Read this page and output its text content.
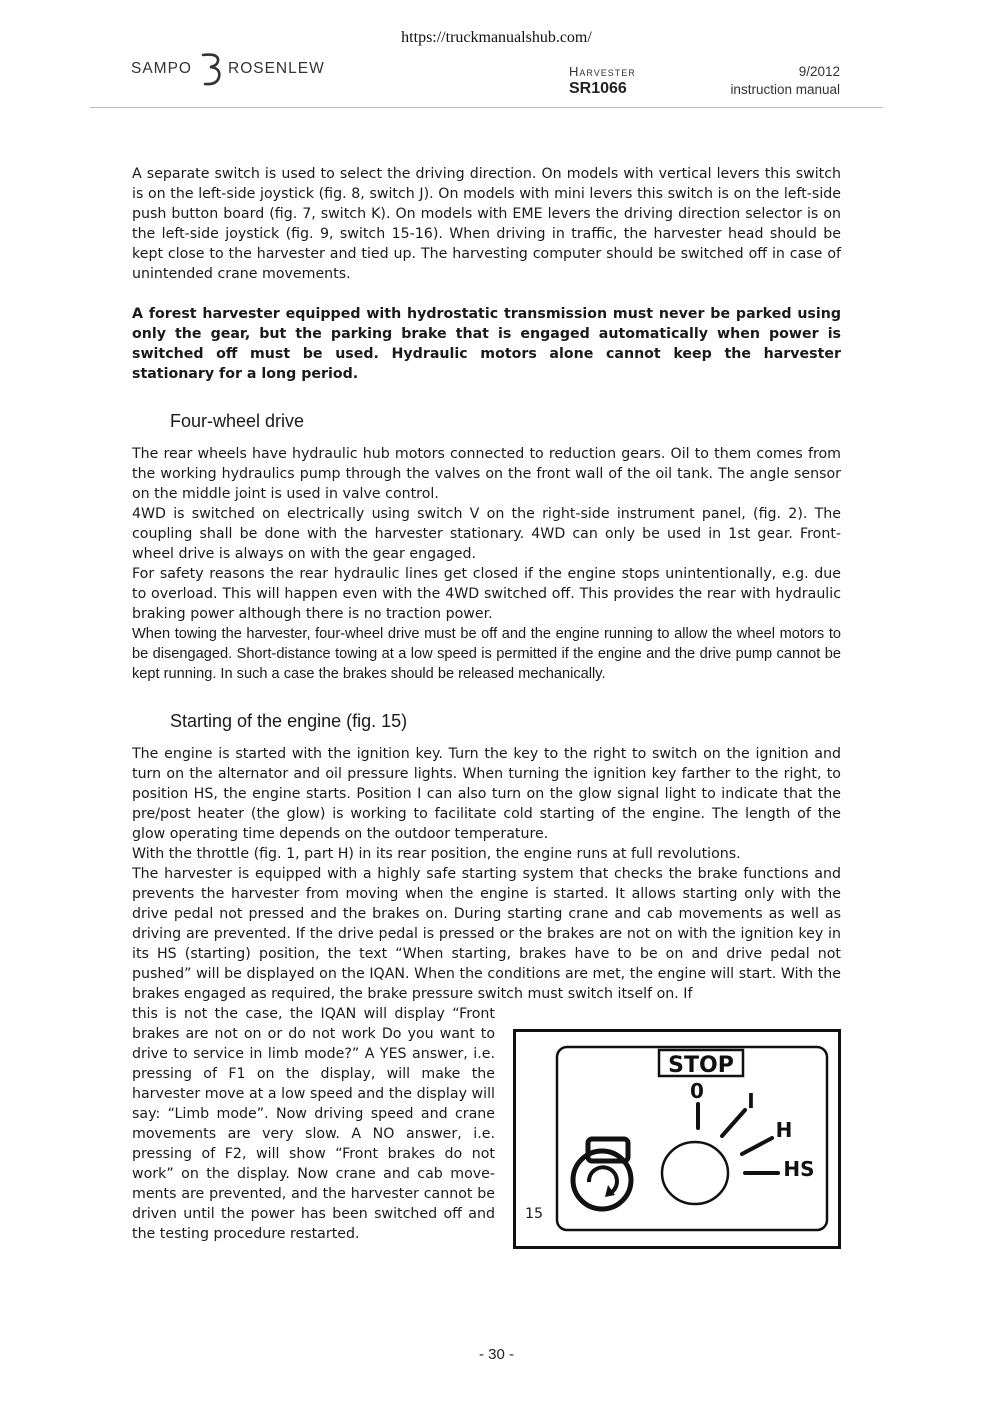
https://truckmanualshub.com/
SAMPO ROSENLEW	Harvester
SR1066
9/2012
instruction manual

A separate switch is used to select the driving direction. On models with vertical levers this switch is on the left-side joystick (fig. 8, switch J). On models with mini levers this switch is on the left-side push button board (fig. 7, switch K). On models with EME levers the driving direction selector is on the left-side joystick (fig. 9, switch 15-16). When driving in traffic, the harvester head should be kept close to the harvester and tied up. The harvesting computer should be switched off in case of unintended crane movements.

A forest harvester equipped with hydrostatic transmission must never be parked using only the gear, but the parking brake that is engaged automatically when power is switched off must be used. Hydraulic motors alone cannot keep the harvester stationary for a long period.

Four-wheel drive

The rear wheels have hydraulic hub motors connected to reduction gears. Oil to them comes from the working hydraulics pump through the valves on the front wall of the oil tank. The angle sensor on the middle joint is used in valve control.

4WD is switched on electrically using switch V on the right-side instrument panel, (fig. 2). The coupling shall be done with the harvester stationary. 4WD can only be used in 1st gear. Front-wheel drive is always on with the gear engaged.

For safety reasons the rear hydraulic lines get closed if the engine stops unintentionally, e.g. due to overload. This will happen even with the 4WD switched off. This provides the rear with hydraulic braking power although there is no traction power.

When towing the harvester, four-wheel drive must be off and the engine running to allow the wheel motors to be disengaged. Short-distance towing at a low speed is permitted if the engine and the drive pump cannot be kept running. In such a case the brakes should be released mechanically.

Starting of the engine (fig. 15)

The engine is started with the ignition key. Turn the key to the right to switch on the ignition and turn on the alternator and oil pressure lights. When turning the ignition key farther to the right, to position HS, the engine starts. Position I can also turn on the glow signal light to indicate that the pre/post heater (the glow) is working to facilitate cold starting of the engine. The length of the glow operating time depends on the outdoor temperature.

With the throttle (fig. 1, part H) in its rear position, the engine runs at full revolutions.

The harvester is equipped with a highly safe starting system that checks the brake functions and prevents the harvester from moving when the engine is started. It allows starting only with the drive pedal not pressed and the brakes on. During starting crane and cab movements as well as driving are prevented. If the drive pedal is pressed or the brakes are not on with the ignition key in its HS (starting) position, the text “When starting, brakes have to be on and drive pedal not pushed” will be displayed on the IQAN. When the conditions are met, the engine will start. With the brakes engaged as required, the brake pressure switch must switch itself on. If

this is not the case, the IQAN will display “Front brakes are not on or do not work Do you want to drive to service in limb mode?” A YES answer, i.e. pressing of F1 on the display, will make the harvester move at a low speed and the display will say: “Limb mode”. Now driving speed and crane movements are very slow. A NO answer, i.e. pressing of F2, will show “Front brakes do not work” on the display. Now crane and cab move-ments are prevented, and the harvester cannot be driven until the power has been switched off and the testing procedure restarted.

STOP
0 I
H
HS
15
- 30 -
